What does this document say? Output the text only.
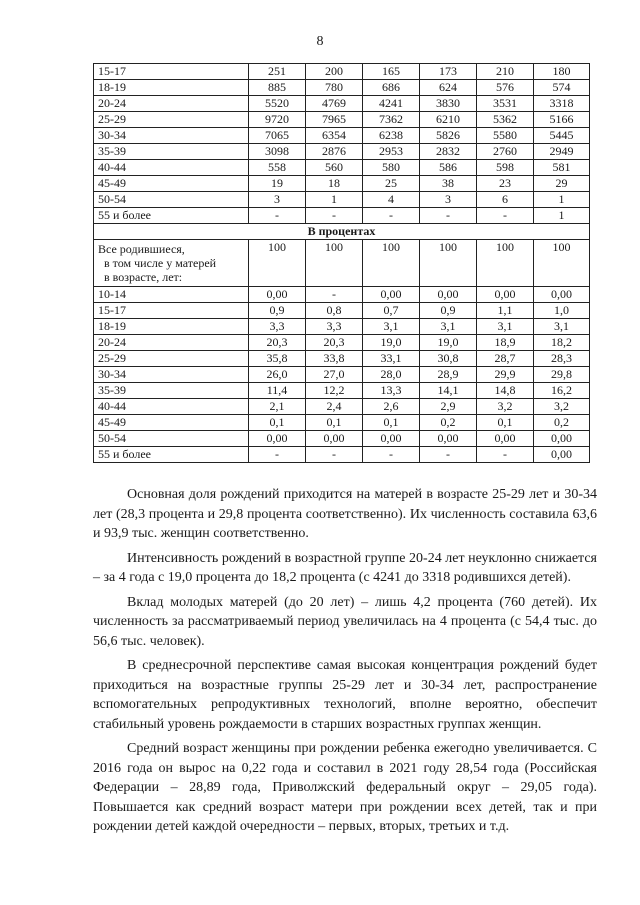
8
15-17	251	200	165	173	210	180
18-19	885	780	686	624	576	574
20-24	5520	4769	4241	3830	3531	3318
25-29	9720	7965	7362	6210	5362	5166
30-34	7065	6354	6238	5826	5580	5445
35-39	3098	2876	2953	2832	2760	2949
40-44	558	560	580	586	598	581
45-49	19	18	25	38	23	29
50-54	3	1	4	3	6	1
55 и более	-	-	-	-	-	1
В процентах						

Все родившиеся,
в том числе у матерей
в возрасте, лет:	100	100	100	100	100	100
10-14	0,00	-	0,00	0,00	0,00	0,00
15-17	0,9	0,8	0,7	0,9	1,1	1,0
18-19	3,3	3,3	3,1	3,1	3,1	3,1
20-24	20,3	20,3	19,0	19,0	18,9	18,2
25-29	35,8	33,8	33,1	30,8	28,7	28,3
30-34	26,0	27,0	28,0	28,9	29,9	29,8
35-39	11,4	12,2	13,3	14,1	14,8	16,2
40-44	2,1	2,4	2,6	2,9	3,2	3,2
45-49	0,1	0,1	0,1	0,2	0,1	0,2
50-54	0,00	0,00	0,00	0,00	0,00	0,00
55 и более	-	-	-	-	-	0,00

Основная доля рождений приходится на матерей в возрасте 25-29 лет и 30-34 лет (28,3 процента и 29,8 процента соответственно). Их численность составила 63,6 и 93,9 тыс. женщин соответственно.

Интенсивность рождений в возрастной группе 20-24 лет неуклонно снижается – за 4 года с 19,0 процента до 18,2 процента (с 4241 до 3318 родившихся детей).

Вклад молодых матерей (до 20 лет) – лишь 4,2 процента (760 детей). Их численность за рассматриваемый период увеличилась на 4 процента (с 54,4 тыс. до 56,6 тыс. человек).

В среднесрочной перспективе самая высокая концентрация рождений будет приходиться на возрастные группы 25-29 лет и 30-34 лет, распространение вспомогательных репродуктивных технологий, вполне вероятно, обеспечит стабильный уровень рождаемости в старших возрастных группах женщин.

Средний возраст женщины при рождении ребенка ежегодно увеличивается. С 2016 года он вырос на 0,22 года и составил в 2021 году 28,54 года (Российская Федерации – 28,89 года, Приволжский федеральный округ – 29,05 года). Повышается как средний возраст матери при рождении всех детей, так и при рождении детей каждой очередности – первых, вторых, третьих и т.д.
